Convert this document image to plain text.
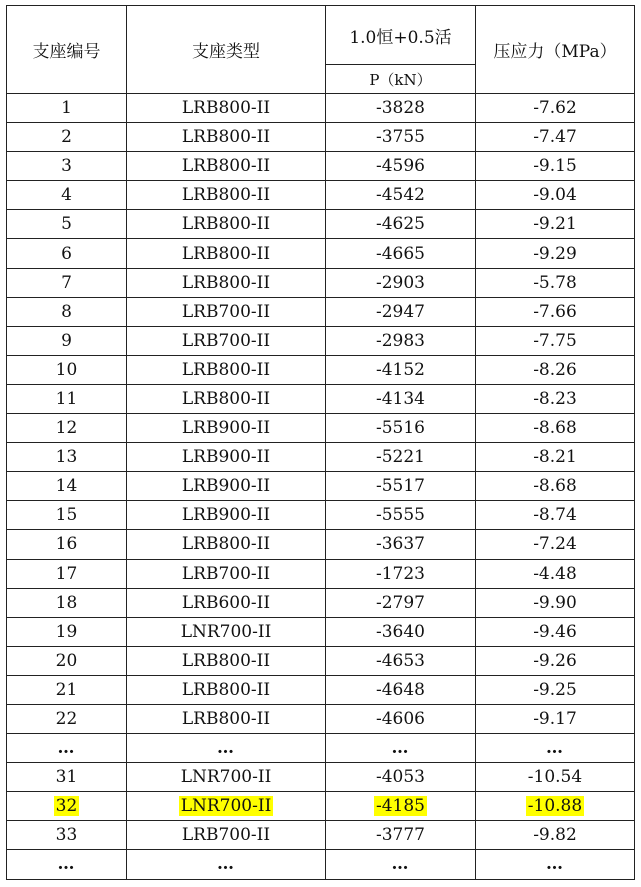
支座编号	支座类型	1.0恒+0.5活	压应力（MPa）
		P（kN）	
1	LRB800-II	-3828	-7.62
2	LRB800-II	-3755	-7.47
3	LRB800-II	-4596	-9.15
4	LRB800-II	-4542	-9.04
5	LRB800-II	-4625	-9.21
6	LRB800-II	-4665	-9.29
7	LRB800-II	-2903	-5.78
8	LRB700-II	-2947	-7.66
9	LRB700-II	-2983	-7.75
10	LRB800-II	-4152	-8.26
11	LRB800-II	-4134	-8.23
12	LRB900-II	-5516	-8.68
13	LRB900-II	-5221	-8.21
14	LRB900-II	-5517	-8.68
15	LRB900-II	-5555	-8.74
16	LRB800-II	-3637	-7.24
17	LRB700-II	-1723	-4.48
18	LRB600-II	-2797	-9.90
19	LNR700-II	-3640	-9.46
20	LRB800-II	-4653	-9.26
21	LRB800-II	-4648	-9.25
22	LRB800-II	-4606	-9.17
…	…	…	…
31	LNR700-II	-4053	-10.54
32	LNR700-II	-4185	-10.88
33	LRB700-II	-3777	-9.82
…	…	…	…
